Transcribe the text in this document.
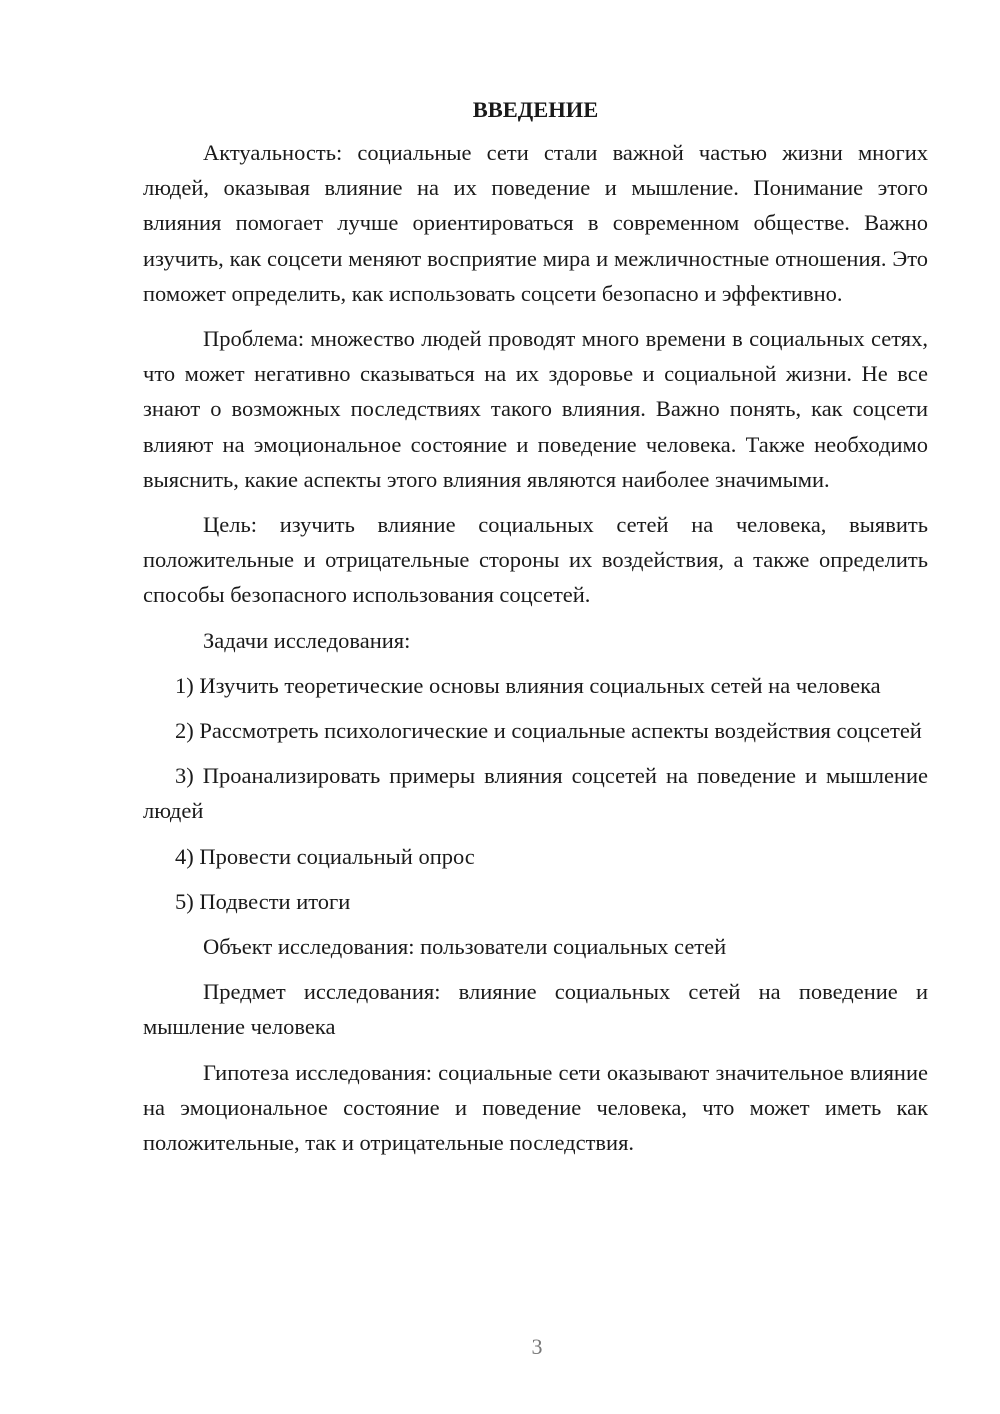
ВВЕДЕНИЕ

Актуальность: социальные сети стали важной частью жизни многих людей, оказывая влияние на их поведение и мышление. Понимание этого влияния помогает лучше ориентироваться в современном обществе. Важно изучить, как соцсети меняют восприятие мира и межличностные отношения. Это поможет определить, как использовать соцсети безопасно и эффективно.

Проблема: множество людей проводят много времени в социальных сетях, что может негативно сказываться на их здоровье и социальной жизни. Не все знают о возможных последствиях такого влияния. Важно понять, как соцсети влияют на эмоциональное состояние и поведение человека. Также необходимо выяснить, какие аспекты этого влияния являются наиболее значимыми.

Цель: изучить влияние социальных сетей на человека, выявить положительные и отрицательные стороны их воздействия, а также определить способы безопасного использования соцсетей.

Задачи исследования:

1) Изучить теоретические основы влияния социальных сетей на человека

2) Рассмотреть психологические и социальные аспекты воздействия соцсетей

3) Проанализировать примеры влияния соцсетей на поведение и мышление людей

4) Провести социальный опрос

5) Подвести итоги

Объект исследования: пользователи социальных сетей

Предмет исследования: влияние социальных сетей на поведение и мышление человека

Гипотеза исследования: социальные сети оказывают значительное влияние на эмоциональное состояние и поведение человека, что может иметь как положительные, так и отрицательные последствия.

3
